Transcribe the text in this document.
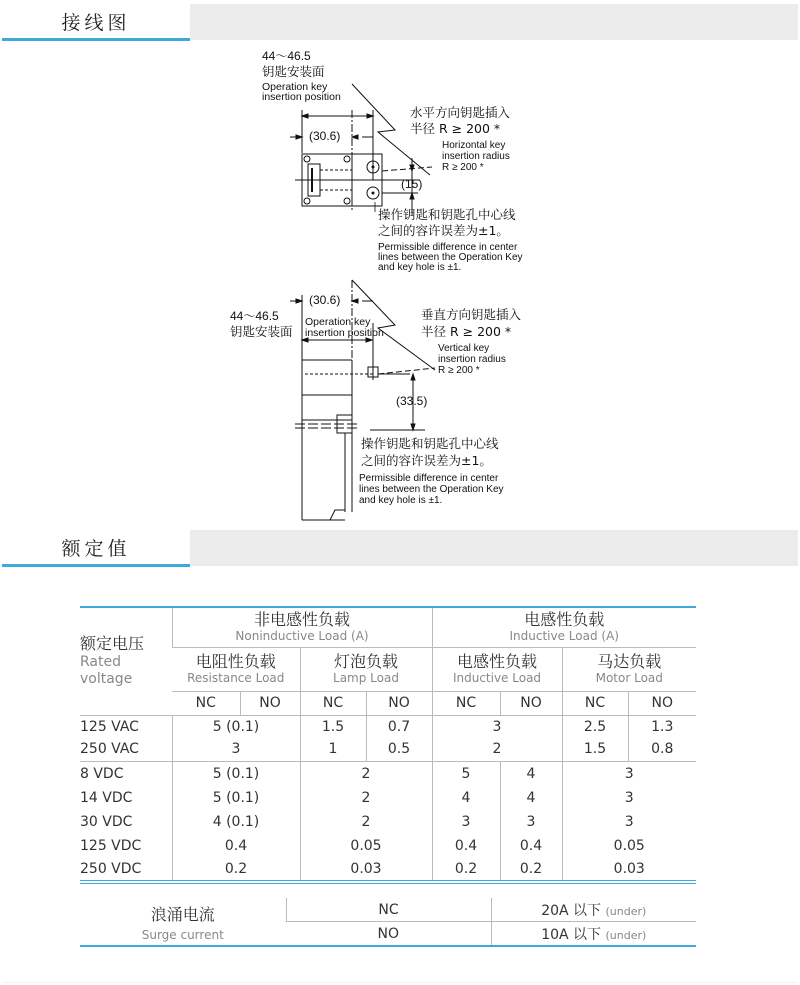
接线图
44～46.5
钥匙安装面
Operation key
insertion position
(30.6)
水平方向钥匙插入
半径 R ≥ 200 *
Horizontal key
insertion radius
R ≥ 200 *
(15)
操作钥匙和钥匙孔中心线
之间的容许误差为±1。
Permissible difference in center
lines between the Operation Key
and key hole is ±1.
(30.6)
44～46.5
钥匙安装面
Operation key
insertion position
垂直方向钥匙插入
半径 R ≥ 200 *
Vertical key
insertion radius
R ≥ 200 *
(33.5)
操作钥匙和钥匙孔中心线
之间的容许误差为±1。
Permissible difference in center
lines between the Operation Key
and key hole is ±1.
额定值
额定电压
Rated
voltage	非电感性负载
Noninductive Load (A)				电感性负载
Inductive Load (A)			

	电阻性负载
Resistance Load		灯泡负载
Lamp Load		电感性负载
Inductive Load		马达负载
Motor Load	

	NC	NO	NC	NO	NC	NO	NC	NO
125 VAC	5 (0.1)		1.5	0.7	3		2.5	1.3
250 VAC	3		1	0.5	2		1.5	0.8
8 VDC	5 (0.1)		2		5	4	3	
14 VDC	5 (0.1)		2		4	4	3	
30 VDC	4 (0.1)		2		3	3	3	
125 VDC	0.4		0.05		0.4	0.4	0.05	
250 VDC	0.2		0.03		0.2	0.2	0.03	
浪涌电流
Surge current	NC	20A 以下 (under)
	NO	10A 以下 (under)
